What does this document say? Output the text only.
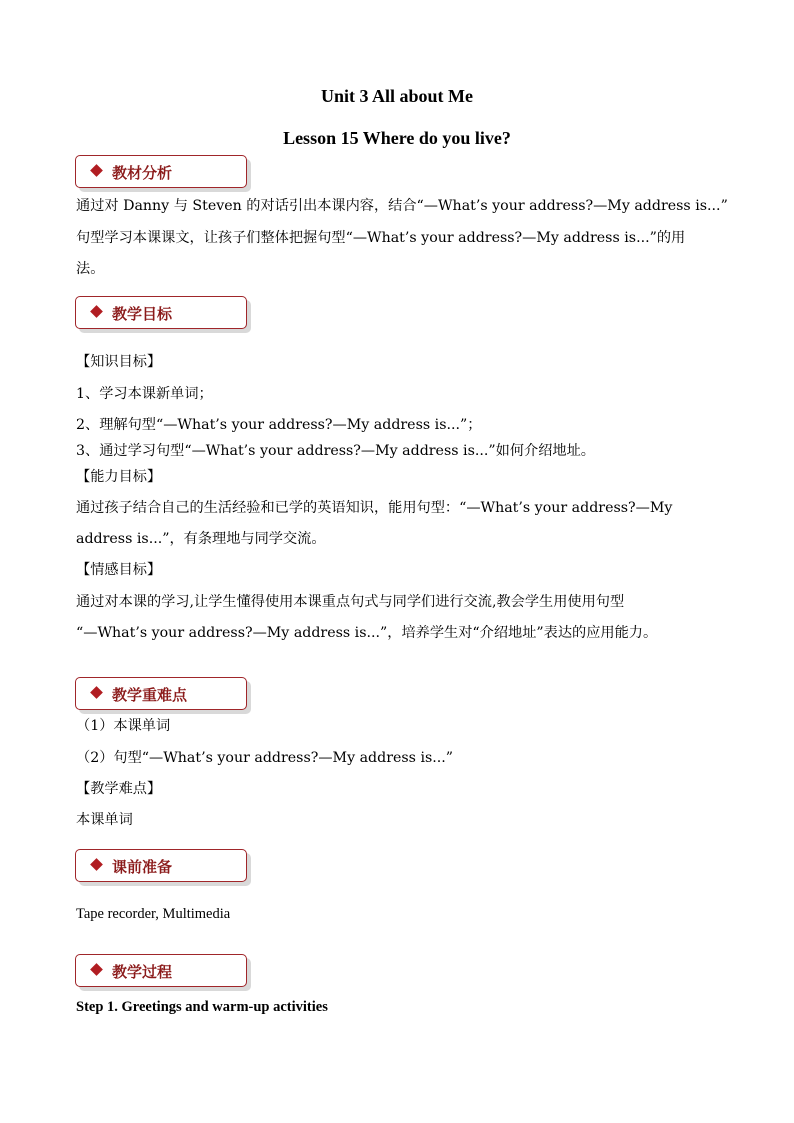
Unit 3 All about Me
Lesson 15 Where do you live?
教材分析
通过对 Danny 与 Steven 的对话引出本课内容，结合“—What’s your address?—My address is...”
句型学习本课课文，让孩子们整体把握句型“—What’s your address?—My address is...”的用
法。
教学目标
【知识目标】
1、学习本课新单词；
2、理解句型“—What’s your address?—My address is...”；
3、通过学习句型“—What’s your address?—My address is...”如何介绍地址。
【能力目标】
通过孩子结合自己的生活经验和已学的英语知识，能用句型：“—What’s your address?—My
address is...”，有条理地与同学交流。
【情感目标】
通过对本课的学习,让学生懂得使用本课重点句式与同学们进行交流,教会学生用使用句型
“—What’s your address?—My address is...”，培养学生对“介绍地址”表达的应用能力。
教学重难点
（1）本课单词
（2）句型“—What’s your address?—My address is...”
【教学难点】
本课单词
课前准备
Tape recorder, Multimedia
教学过程
Step 1. Greetings and warm-up activities
